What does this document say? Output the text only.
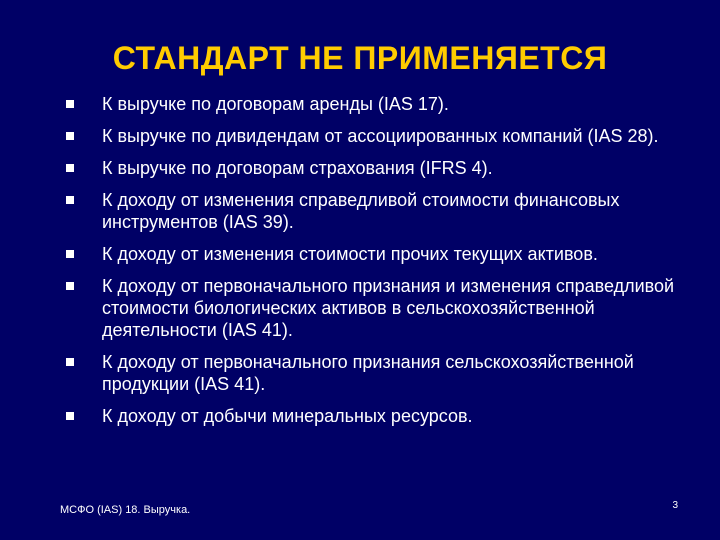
СТАНДАРТ НЕ ПРИМЕНЯЕТСЯ
К выручке по договорам аренды (IAS 17).
К выручке по дивидендам от ассоциированных компаний (IAS 28).
К выручке по договорам страхования (IFRS 4).
К доходу от изменения справедливой стоимости финансовых инструментов (IAS 39).
К доходу от изменения стоимости прочих текущих активов.
К доходу от первоначального признания и изменения справедливой стоимости биологических активов в сельскохозяйственной деятельности (IAS 41).
К доходу от первоначального признания сельскохозяйственной продукции (IAS 41).
К доходу от добычи минеральных ресурсов.
МСФО (IAS) 18. Выручка.	3
